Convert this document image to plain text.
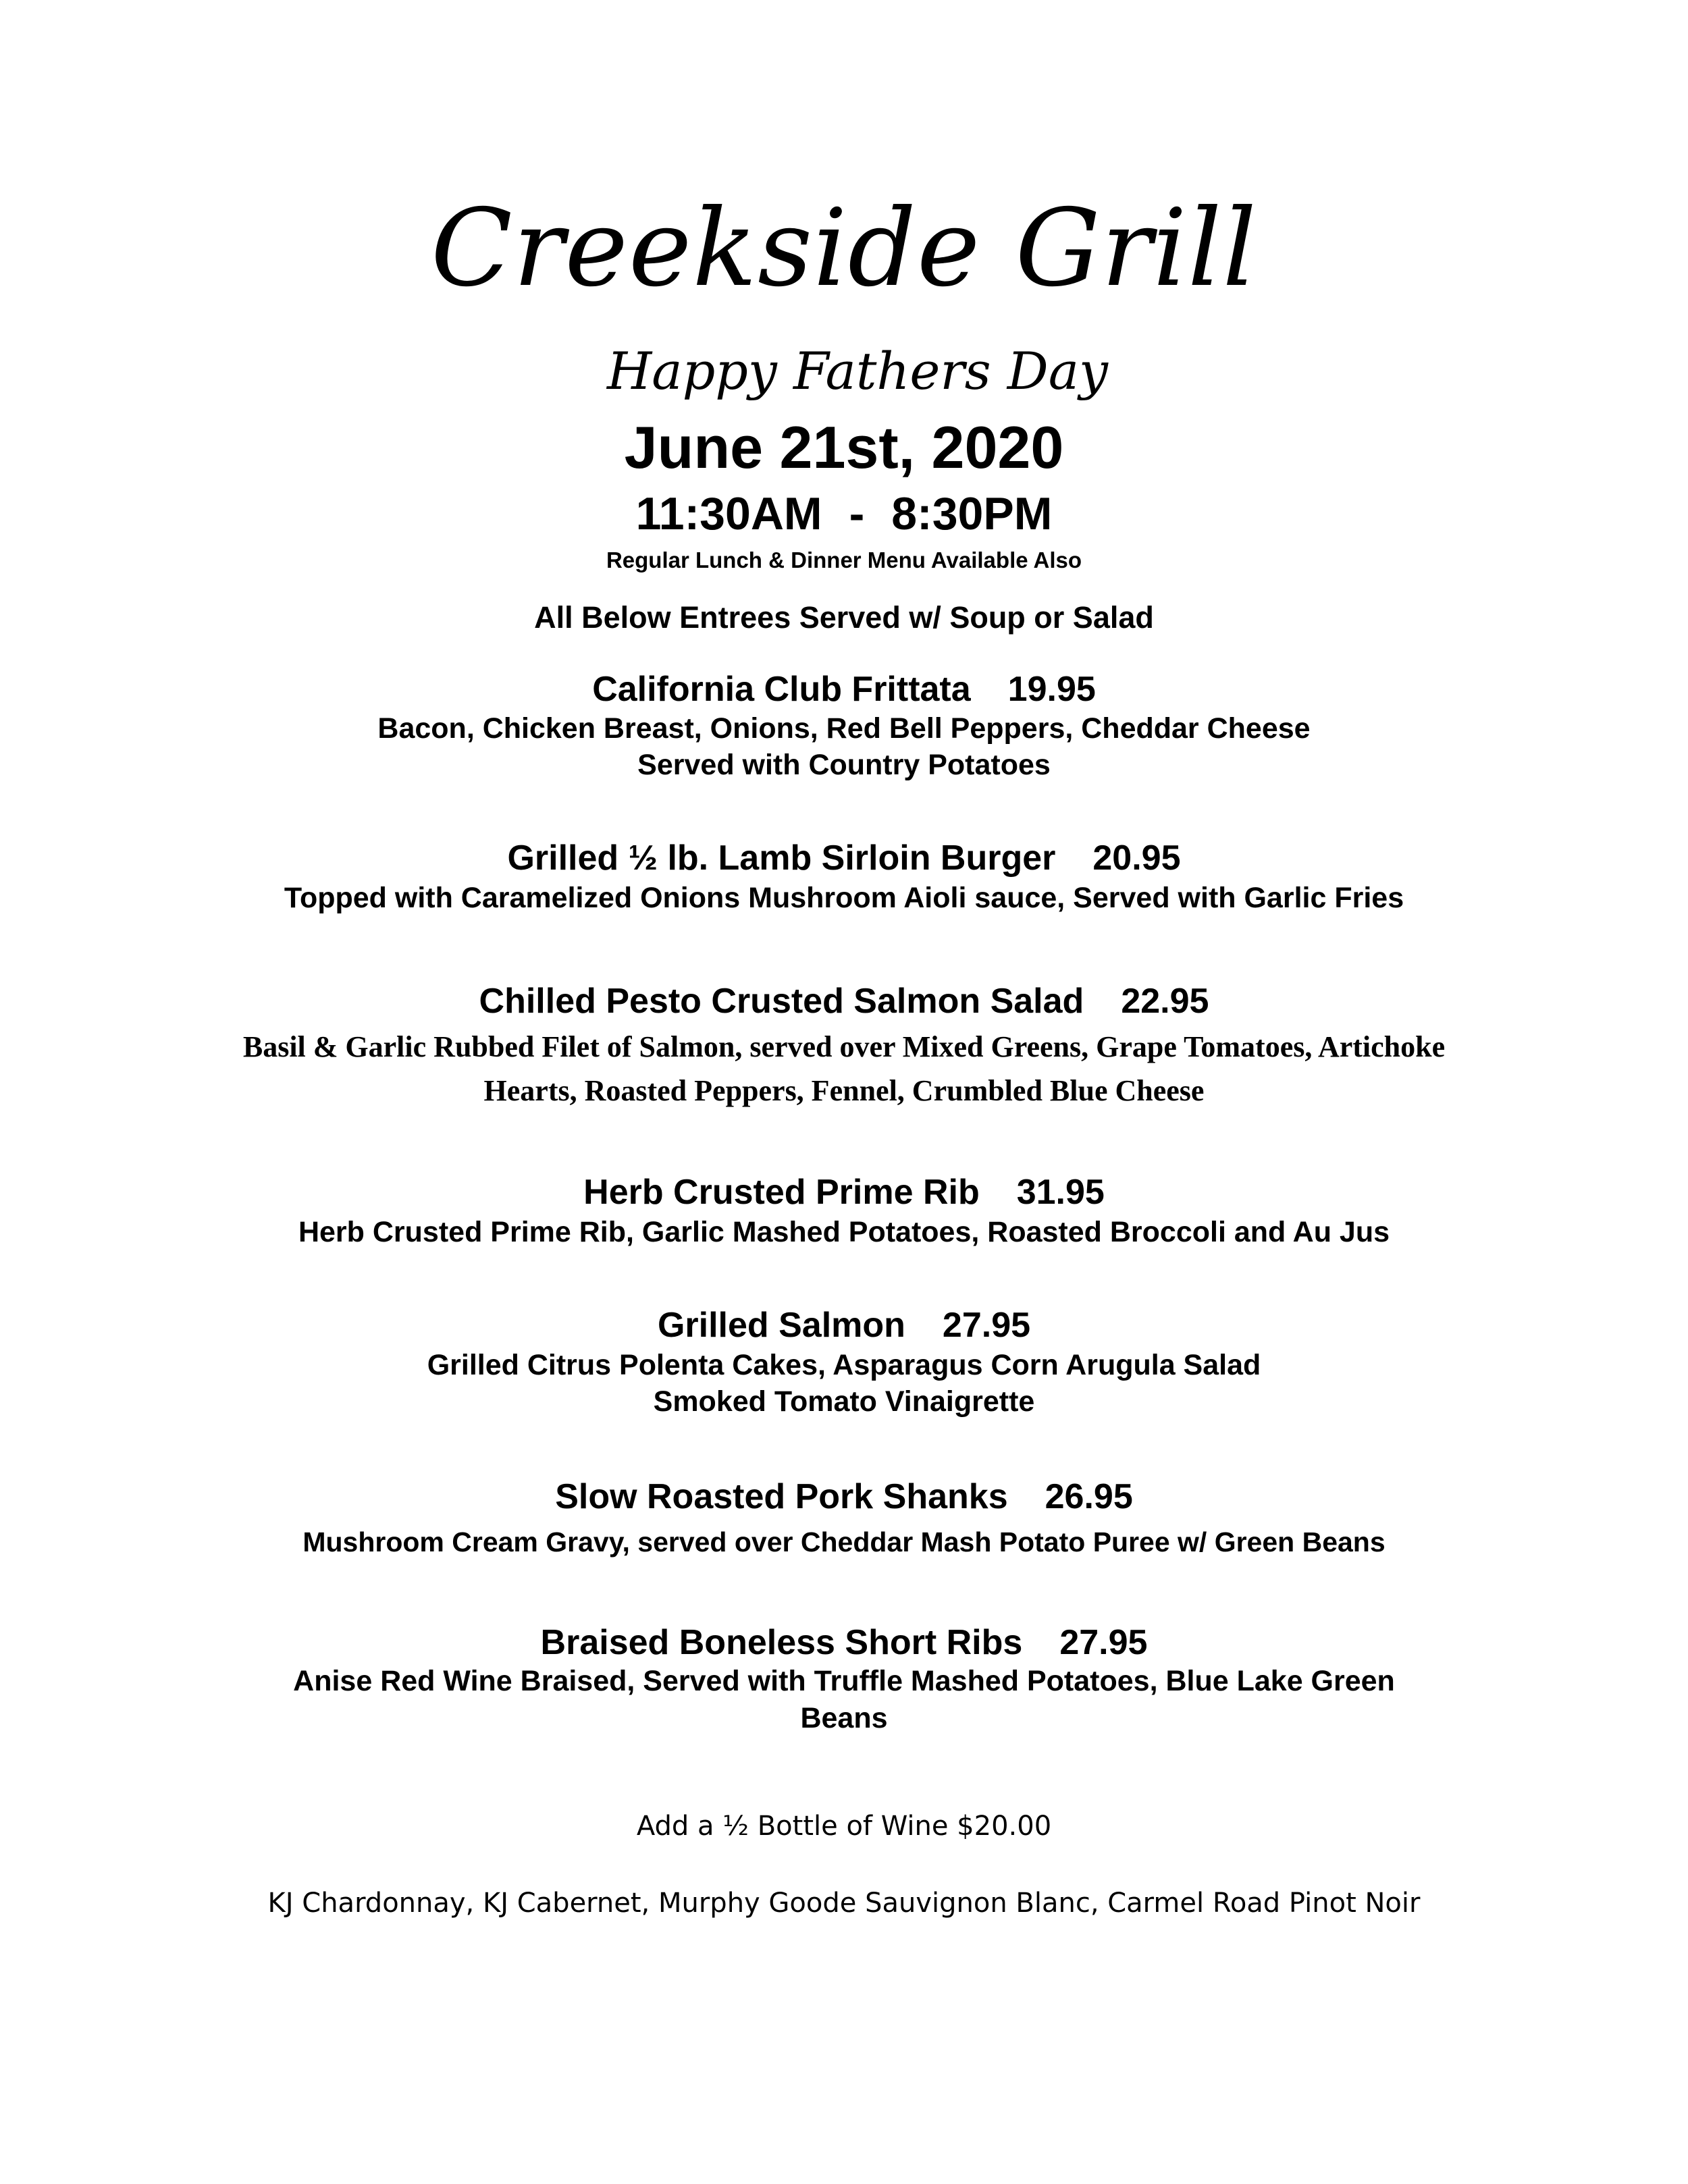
Creekside Grill
Happy Fathers Day
June 21st, 2020
11:30AM - 8:30PM
Regular Lunch & Dinner Menu Available Also
All Below Entrees Served w/ Soup or Salad
California Club Frittata 19.95
Bacon, Chicken Breast, Onions, Red Bell Peppers, Cheddar Cheese
Served with Country Potatoes
Grilled ½ lb. Lamb Sirloin Burger 20.95
Topped with Caramelized Onions Mushroom Aioli sauce, Served with Garlic Fries
Chilled Pesto Crusted Salmon Salad 22.95
Basil & Garlic Rubbed Filet of Salmon, served over Mixed Greens, Grape Tomatoes, Artichoke
Hearts, Roasted Peppers, Fennel, Crumbled Blue Cheese
Herb Crusted Prime Rib 31.95
Herb Crusted Prime Rib, Garlic Mashed Potatoes, Roasted Broccoli and Au Jus
Grilled Salmon 27.95
Grilled Citrus Polenta Cakes, Asparagus Corn Arugula Salad
Smoked Tomato Vinaigrette
Slow Roasted Pork Shanks 26.95
Mushroom Cream Gravy, served over Cheddar Mash Potato Puree w/ Green Beans
Braised Boneless Short Ribs 27.95
Anise Red Wine Braised, Served with Truffle Mashed Potatoes, Blue Lake Green
Beans
Add a ½ Bottle of Wine $20.00
KJ Chardonnay, KJ Cabernet, Murphy Goode Sauvignon Blanc, Carmel Road Pinot Noir
